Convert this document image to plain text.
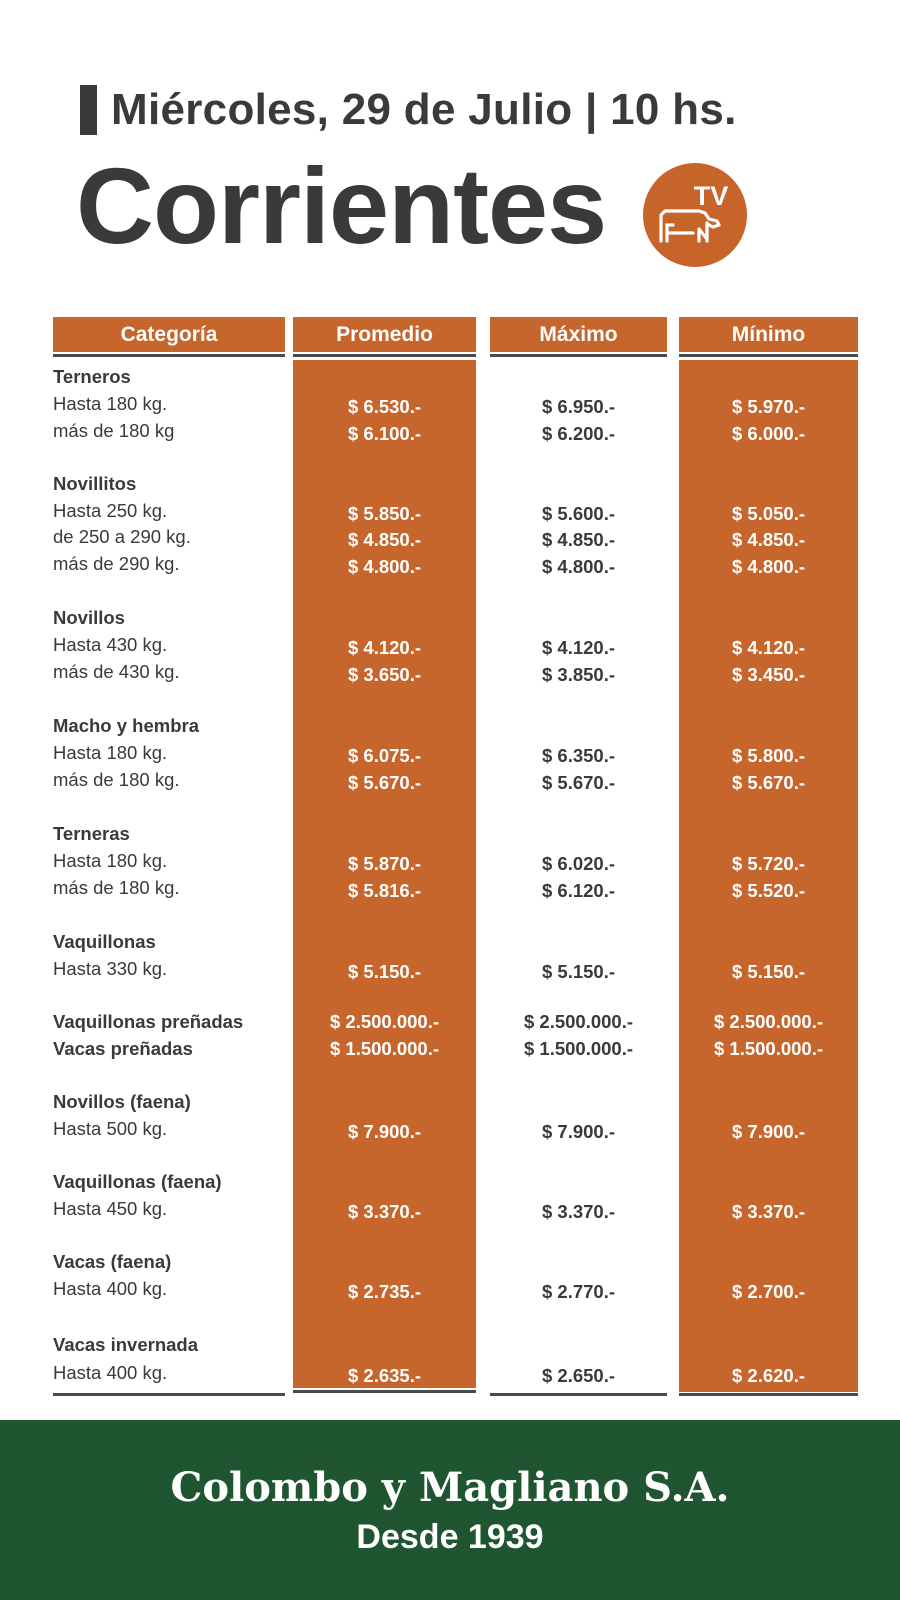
Miércoles, 29 de Julio | 10 hs.
Corrientes	TV
Categoría	Promedio	Máximo	Mínimo
Terneros
Hasta 180 kg.	$ 6.530.-	$ 6.950.-	$ 5.970.-
más de 180 kg	$ 6.100.-	$ 6.200.-	$ 6.000.-
Novillitos
Hasta 250 kg.	$ 5.850.-	$ 5.600.-	$ 5.050.-
de 250 a 290 kg.	$ 4.850.-	$ 4.850.-	$ 4.850.-
más de 290 kg.	$ 4.800.-	$ 4.800.-	$ 4.800.-
Novillos
Hasta 430 kg.	$ 4.120.-	$ 4.120.-	$ 4.120.-
más de 430 kg.	$ 3.650.-	$ 3.850.-	$ 3.450.-
Macho y hembra
Hasta 180 kg.	$ 6.075.-	$ 6.350.-	$ 5.800.-
más de 180 kg.	$ 5.670.-	$ 5.670.-	$ 5.670.-
Terneras
Hasta 180 kg.	$ 5.870.-	$ 6.020.-	$ 5.720.-
más de 180 kg.	$ 5.816.-	$ 6.120.-	$ 5.520.-
Vaquillonas
Hasta 330 kg.	$ 5.150.-	$ 5.150.-	$ 5.150.-
Vaquillonas preñadas	$ 2.500.000.-	$ 2.500.000.-	$ 2.500.000.-
Vacas preñadas	$ 1.500.000.-	$ 1.500.000.-	$ 1.500.000.-
Novillos (faena)
Hasta 500 kg.	$ 7.900.-	$ 7.900.-	$ 7.900.-
Vaquillonas (faena)
Hasta 450 kg.	$ 3.370.-	$ 3.370.-	$ 3.370.-
Vacas (faena)
Hasta 400 kg.	$ 2.735.-	$ 2.770.-	$ 2.700.-
Vacas invernada
Hasta 400 kg.	$ 2.635.-	$ 2.650.-	$ 2.620.-
Colombo y Magliano S.A.
Desde 1939
